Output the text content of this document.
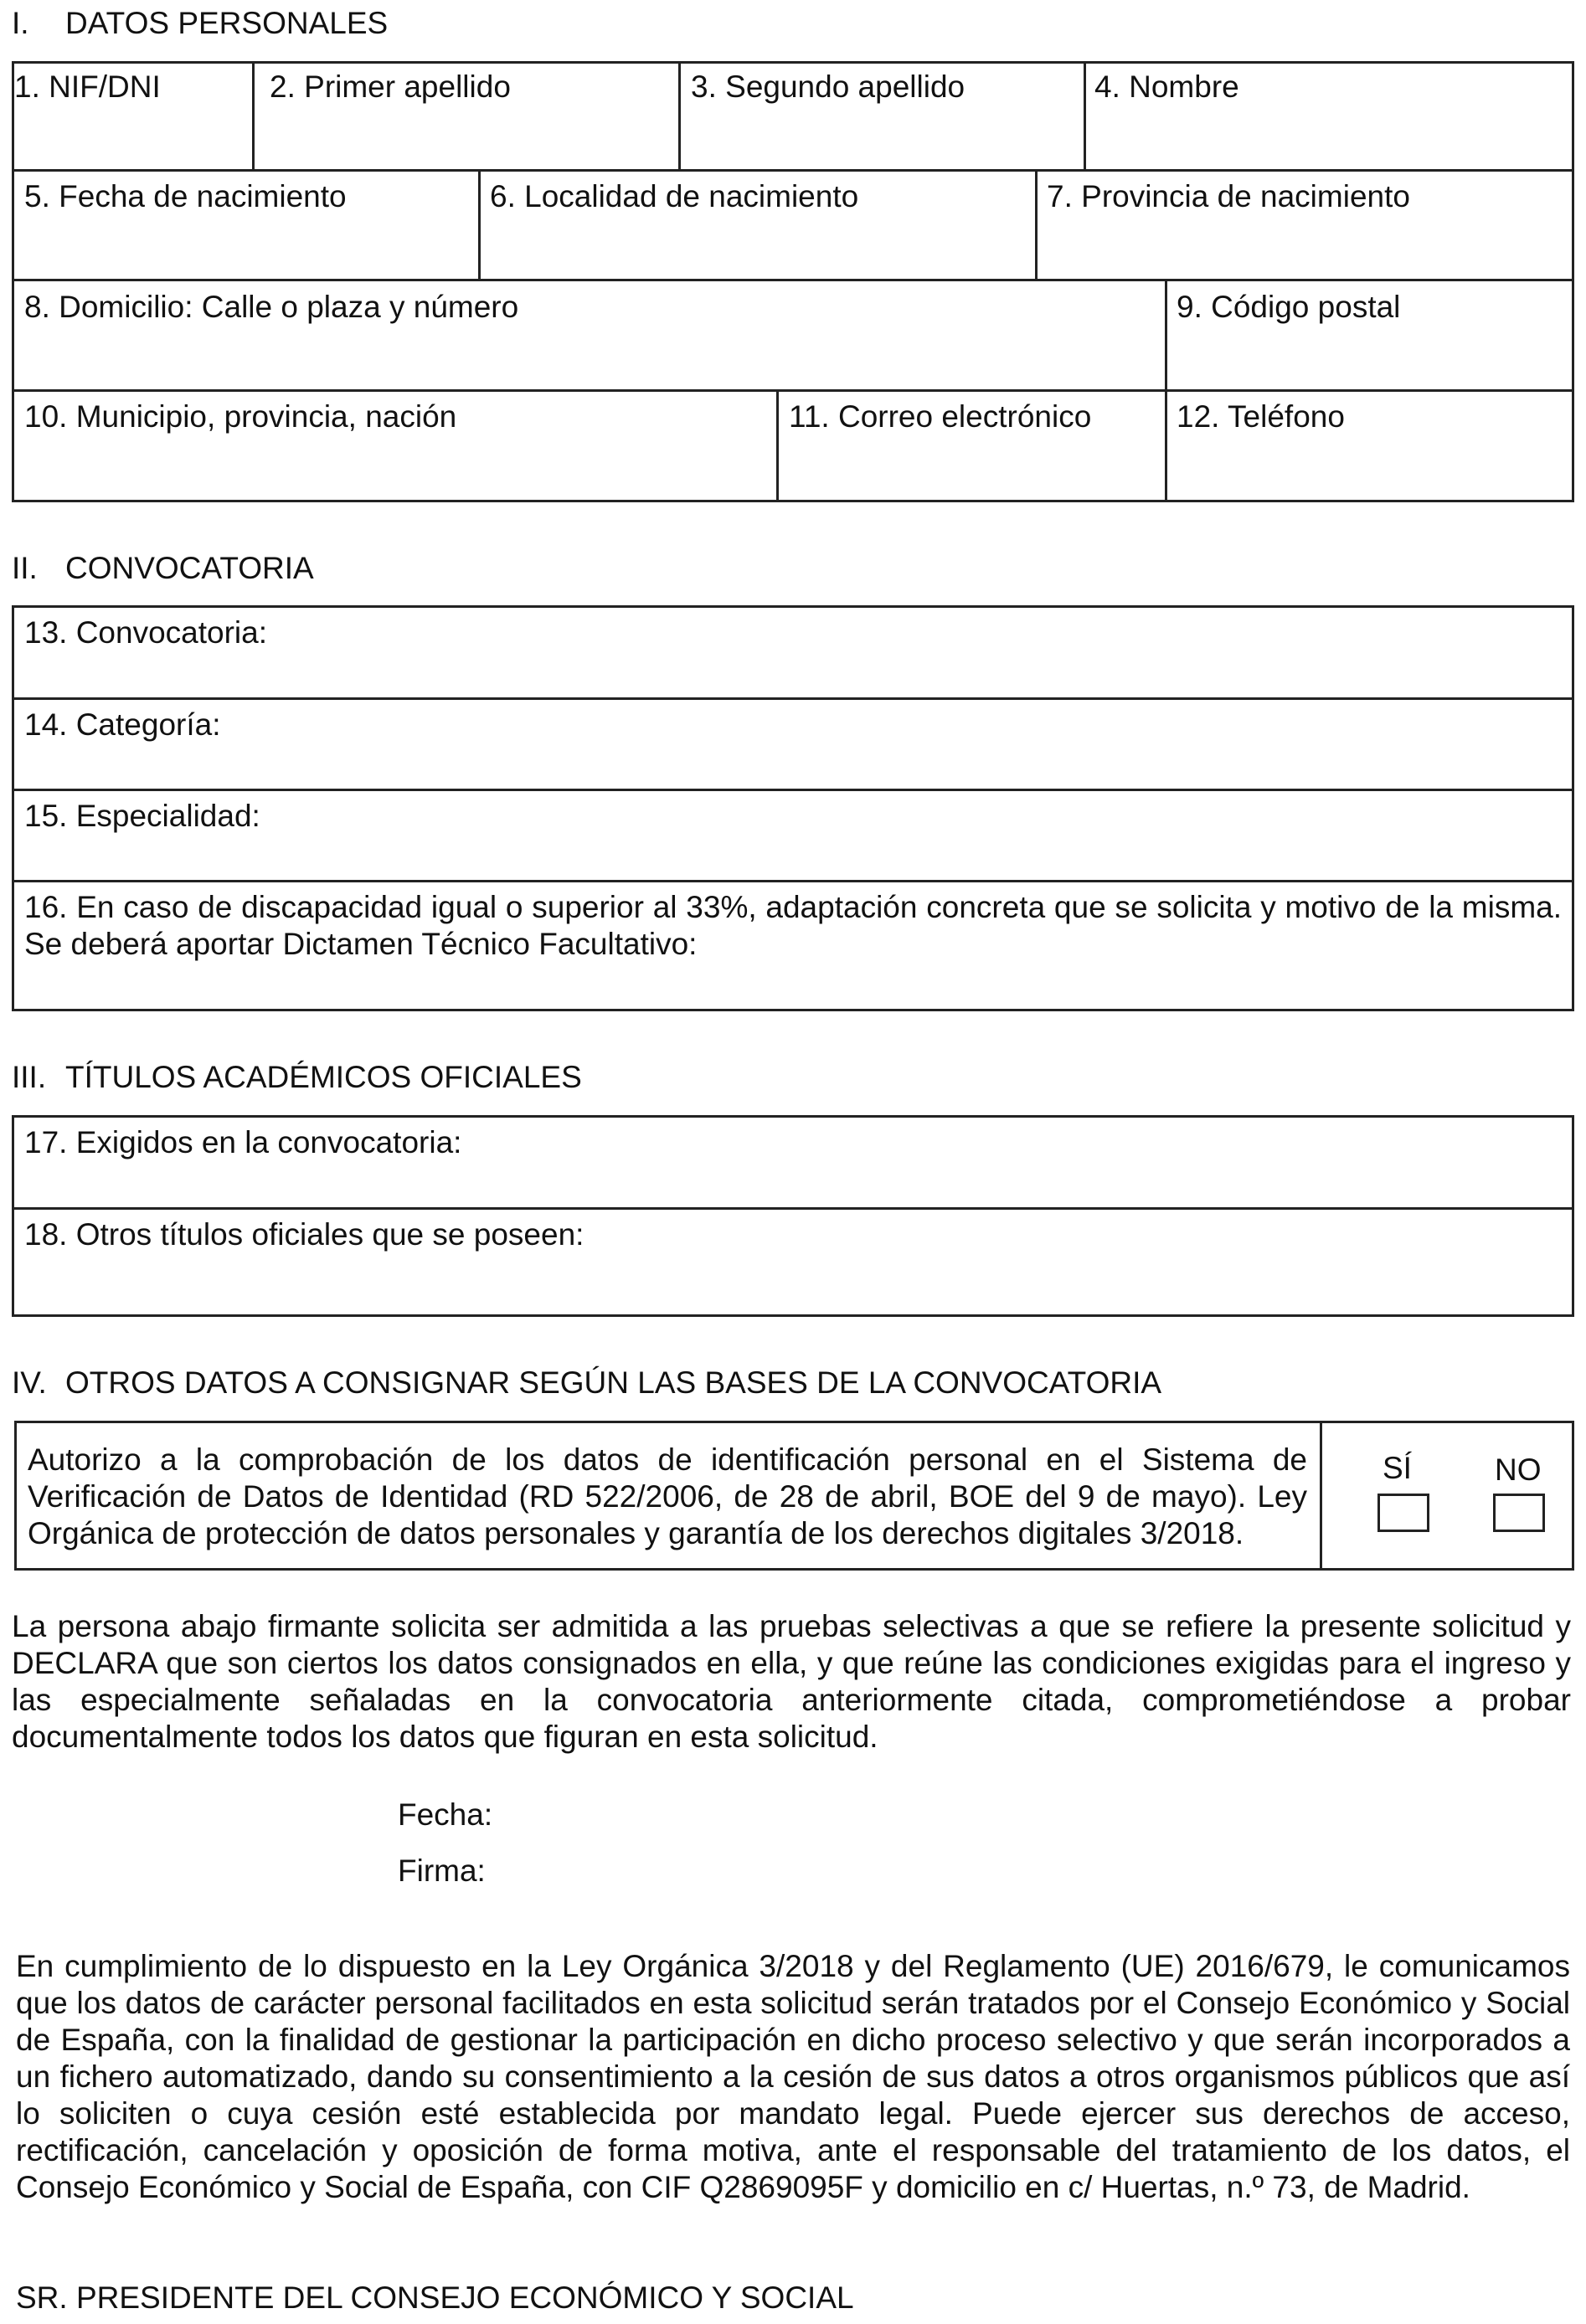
I. DATOS PERSONALES
1. NIF/DNI	2. Primer apellido	3. Segundo apellido	4. Nombre
5. Fecha de nacimiento	6. Localidad de nacimiento	7. Provincia de nacimiento
8. Domicilio: Calle o plaza y número	9. Código postal
10. Municipio, provincia, nación	11. Correo electrónico	12. Teléfono
II. CONVOCATORIA
13. Convocatoria:
14. Categoría:
15. Especialidad:
16. En caso de discapacidad igual o superior al 33%, adaptación concreta que se solicita y motivo de la misma. Se deberá aportar Dictamen Técnico Facultativo:
III. TÍTULOS ACADÉMICOS OFICIALES
17. Exigidos en la convocatoria:
18. Otros títulos oficiales que se poseen:
IV. OTROS DATOS A CONSIGNAR SEGÚN LAS BASES DE LA CONVOCATORIA
Autorizo a la comprobación de los datos de identificación personal en el Sistema de Verificación de Datos de Identidad (RD 522/2006, de 28 de abril, BOE del 9 de mayo). Ley Orgánica de protección de datos personales y garantía de los derechos digitales 3/2018.
SÍ	NO
La persona abajo firmante solicita ser admitida a las pruebas selectivas a que se refiere la presente solicitud y DECLARA que son ciertos los datos consignados en ella, y que reúne las condiciones exigidas para el ingreso y las especialmente señaladas en la convocatoria anteriormente citada, comprometiéndose a probar documentalmente todos los datos que figuran en esta solicitud.
Fecha:
Firma:
En cumplimiento de lo dispuesto en la Ley Orgánica 3/2018 y del Reglamento (UE) 2016/679, le comunicamos que los datos de carácter personal facilitados en esta solicitud serán tratados por el Consejo Económico y Social de España, con la finalidad de gestionar la participación en dicho proceso selectivo y que serán incorporados a un fichero automatizado, dando su consentimiento a la cesión de sus datos a otros organismos públicos que así lo soliciten o cuya cesión esté establecida por mandato legal. Puede ejercer sus derechos de acceso, rectificación, cancelación y oposición de forma motiva, ante el responsable del tratamiento de los datos, el Consejo Económico y Social de España, con CIF Q2869095F y domicilio en c/ Huertas, n.º 73, de Madrid.
SR. PRESIDENTE DEL CONSEJO ECONÓMICO Y SOCIAL
